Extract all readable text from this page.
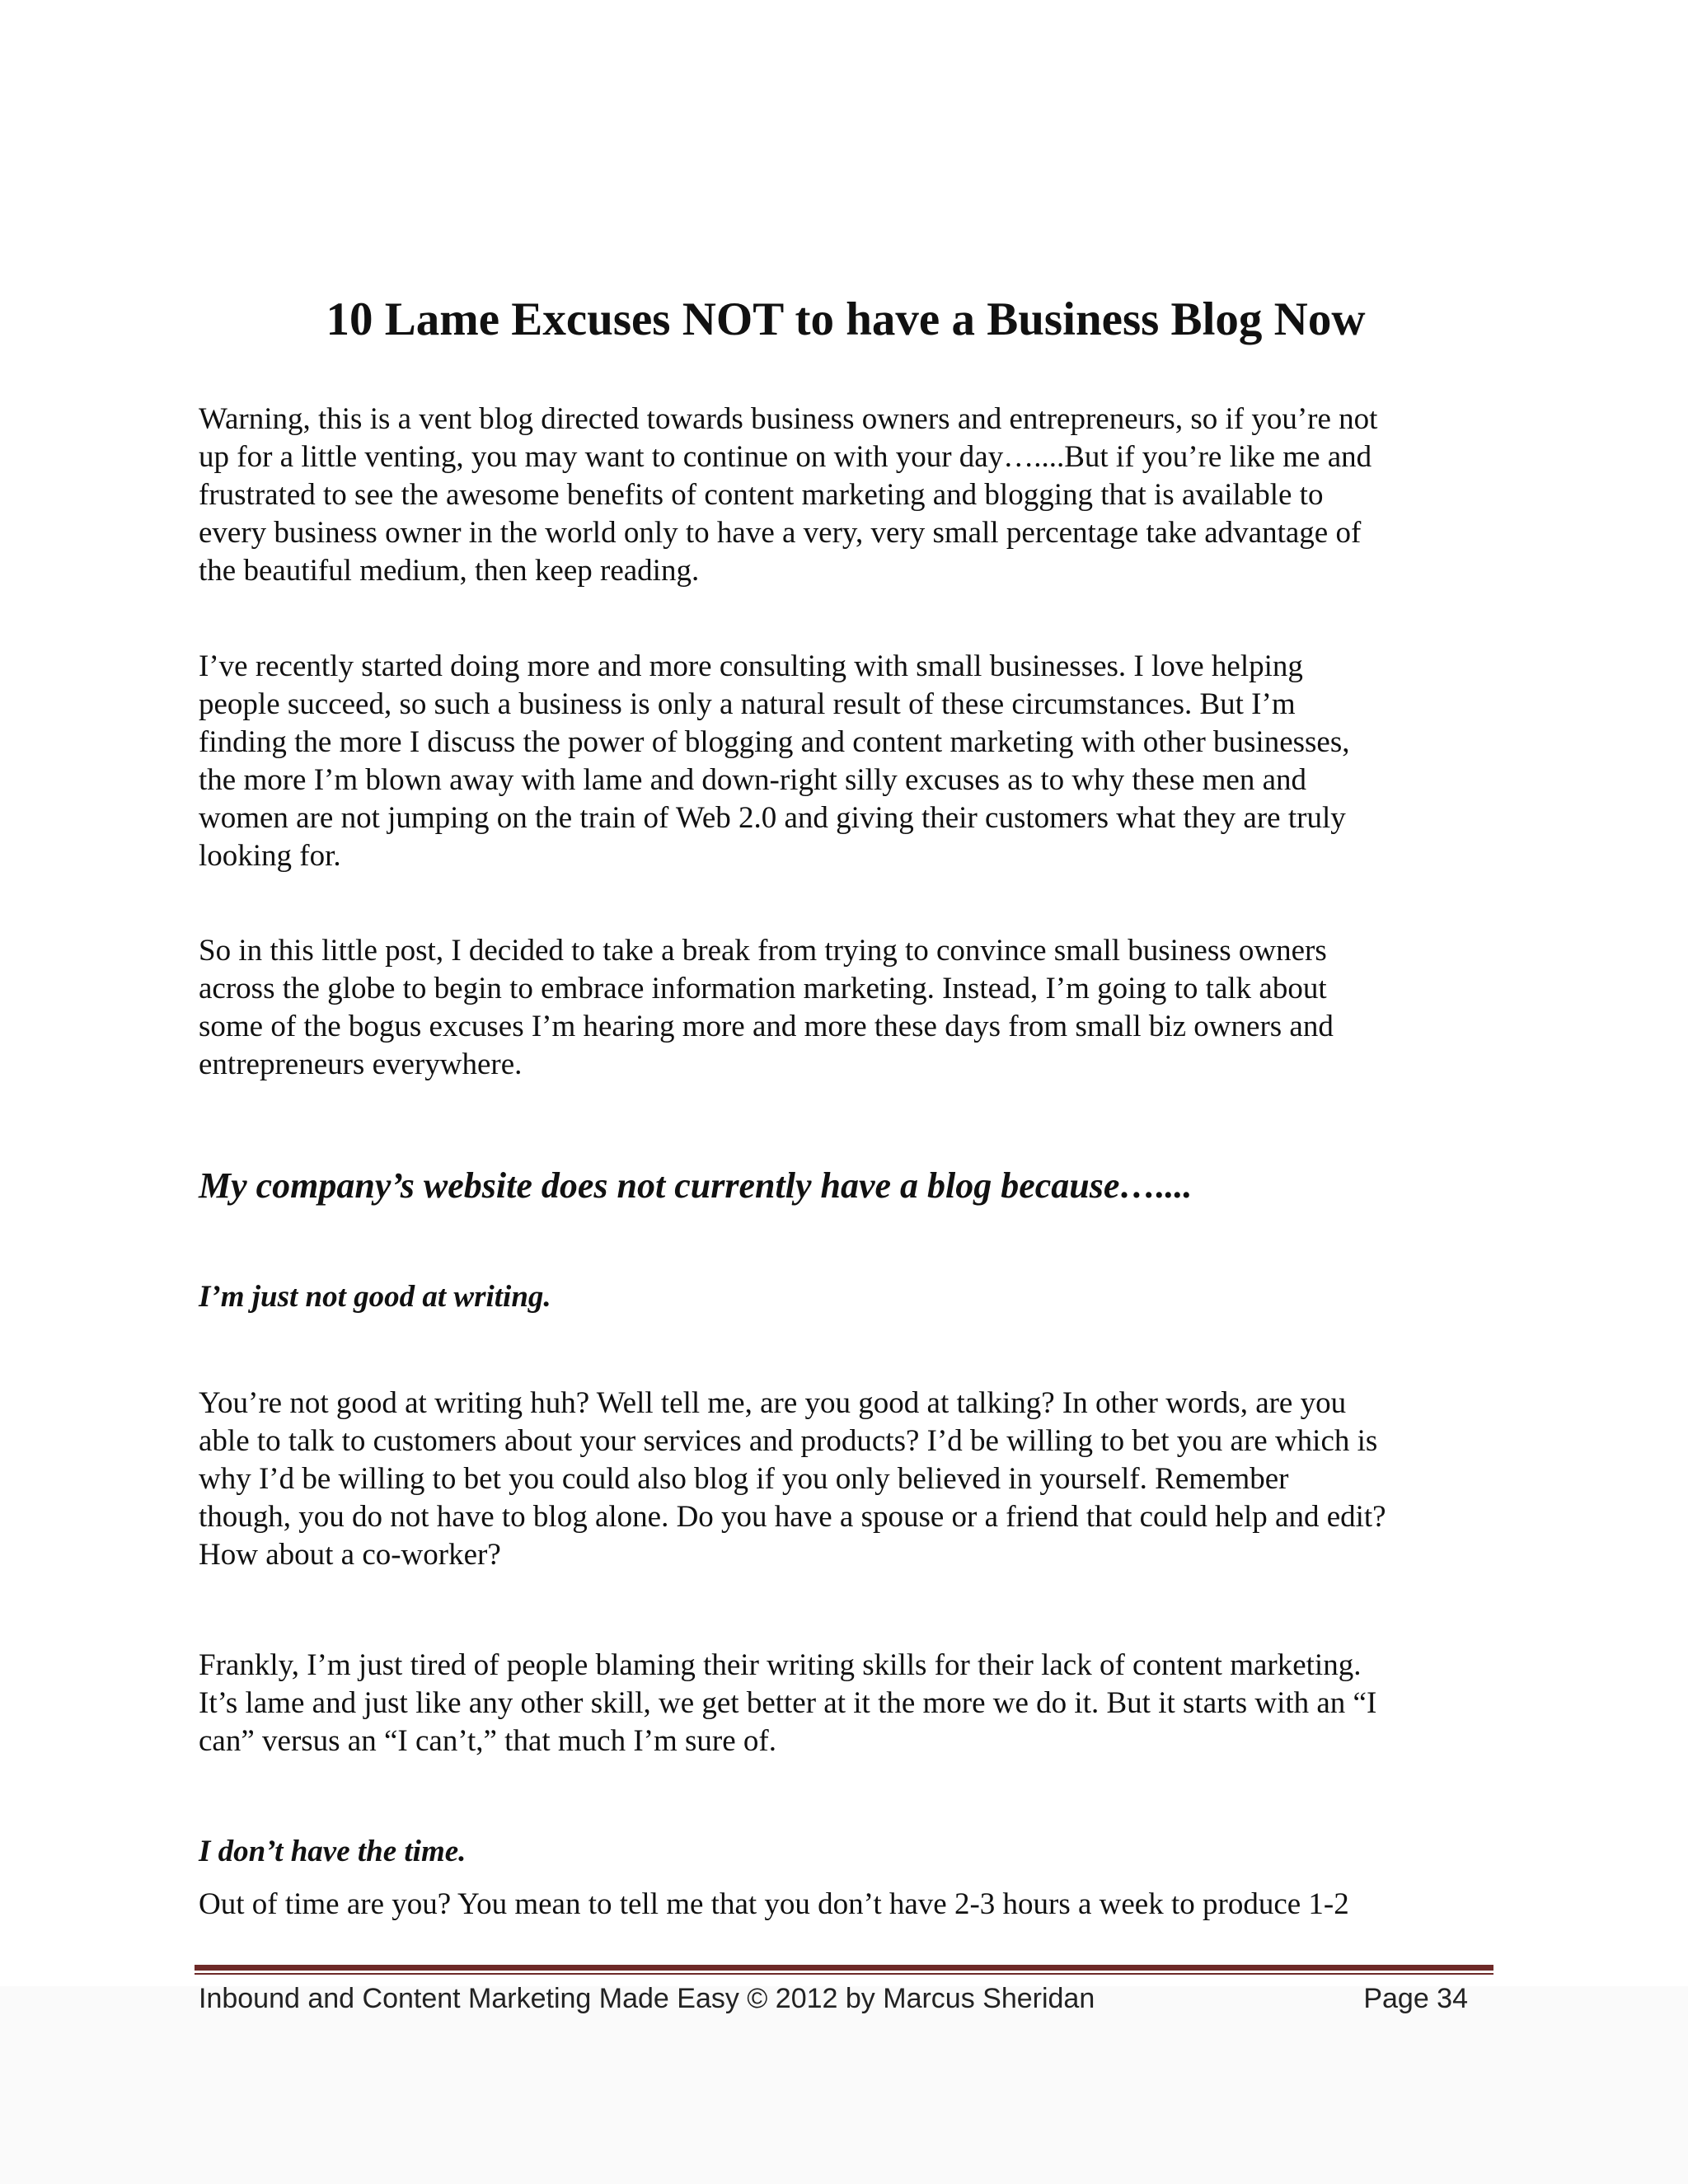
10 Lame Excuses NOT to have a Business Blog Now

Warning, this is a vent blog directed towards business owners and entrepreneurs, so if you’re not
up for a little venting, you may want to continue on with your day…....But if you’re like me and
frustrated to see the awesome benefits of content marketing and blogging that is available to
every business owner in the world only to have a very, very small percentage take advantage of
the beautiful medium, then keep reading.

I’ve recently started doing more and more consulting with small businesses. I love helping
people succeed, so such a business is only a natural result of these circumstances. But I’m
finding the more I discuss the power of blogging and content marketing with other businesses,
the more I’m blown away with lame and down-right silly excuses as to why these men and
women are not jumping on the train of Web 2.0 and giving their customers what they are truly
looking for.

So in this little post, I decided to take a break from trying to convince small business owners
across the globe to begin to embrace information marketing. Instead, I’m going to talk about
some of the bogus excuses I’m hearing more and more these days from small biz owners and
entrepreneurs everywhere.

My company’s website does not currently have a blog because…....
I’m just not good at writing.

You’re not good at writing huh? Well tell me, are you good at talking? In other words, are you
able to talk to customers about your services and products? I’d be willing to bet you are which is
why I’d be willing to bet you could also blog if you only believed in yourself. Remember
though, you do not have to blog alone. Do you have a spouse or a friend that could help and edit?
How about a co-worker?

Frankly, I’m just tired of people blaming their writing skills for their lack of content marketing.
It’s lame and just like any other skill, we get better at it the more we do it. But it starts with an “I
can” versus an “I can’t,” that much I’m sure of.

I don’t have the time.

Out of time are you? You mean to tell me that you don’t have 2-3 hours a week to produce 1-2

Inbound and Content Marketing Made Easy © 2012 by Marcus Sheridan	Page 34
